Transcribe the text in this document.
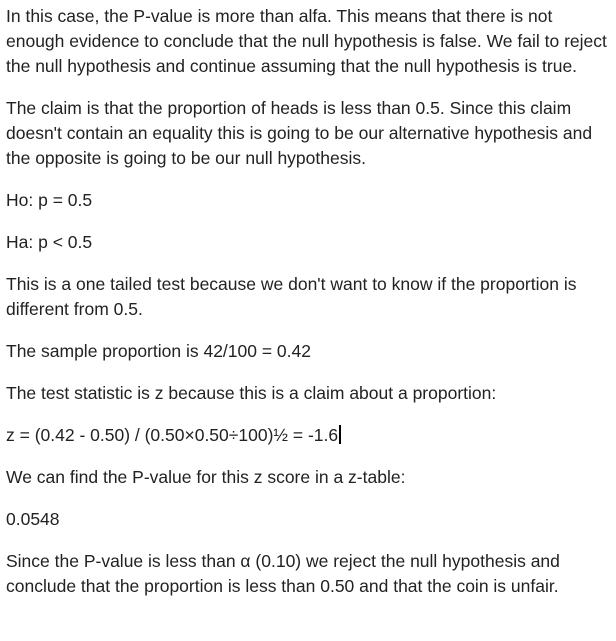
In this case, the P-value is more than alfa. This means that there is not enough evidence to conclude that the null hypothesis is false. We fail to reject the null hypothesis and continue assuming that the null hypothesis is true.

The claim is that the proportion of heads is less than 0.5. Since this claim doesn't contain an equality this is going to be our alternative hypothesis and the opposite is going to be our null hypothesis.

Ho: p = 0.5

Ha: p < 0.5

This is a one tailed test because we don't want to know if the proportion is different from 0.5.

The sample proportion is 42/100 = 0.42

The test statistic is z because this is a claim about a proportion:

z = (0.42 - 0.50) / (0.50×0.50÷100)½ = -1.6

We can find the P-value for this z score in a z-table:

0.0548

Since the P-value is less than α (0.10) we reject the null hypothesis and conclude that the proportion is less than 0.50 and that the coin is unfair.
